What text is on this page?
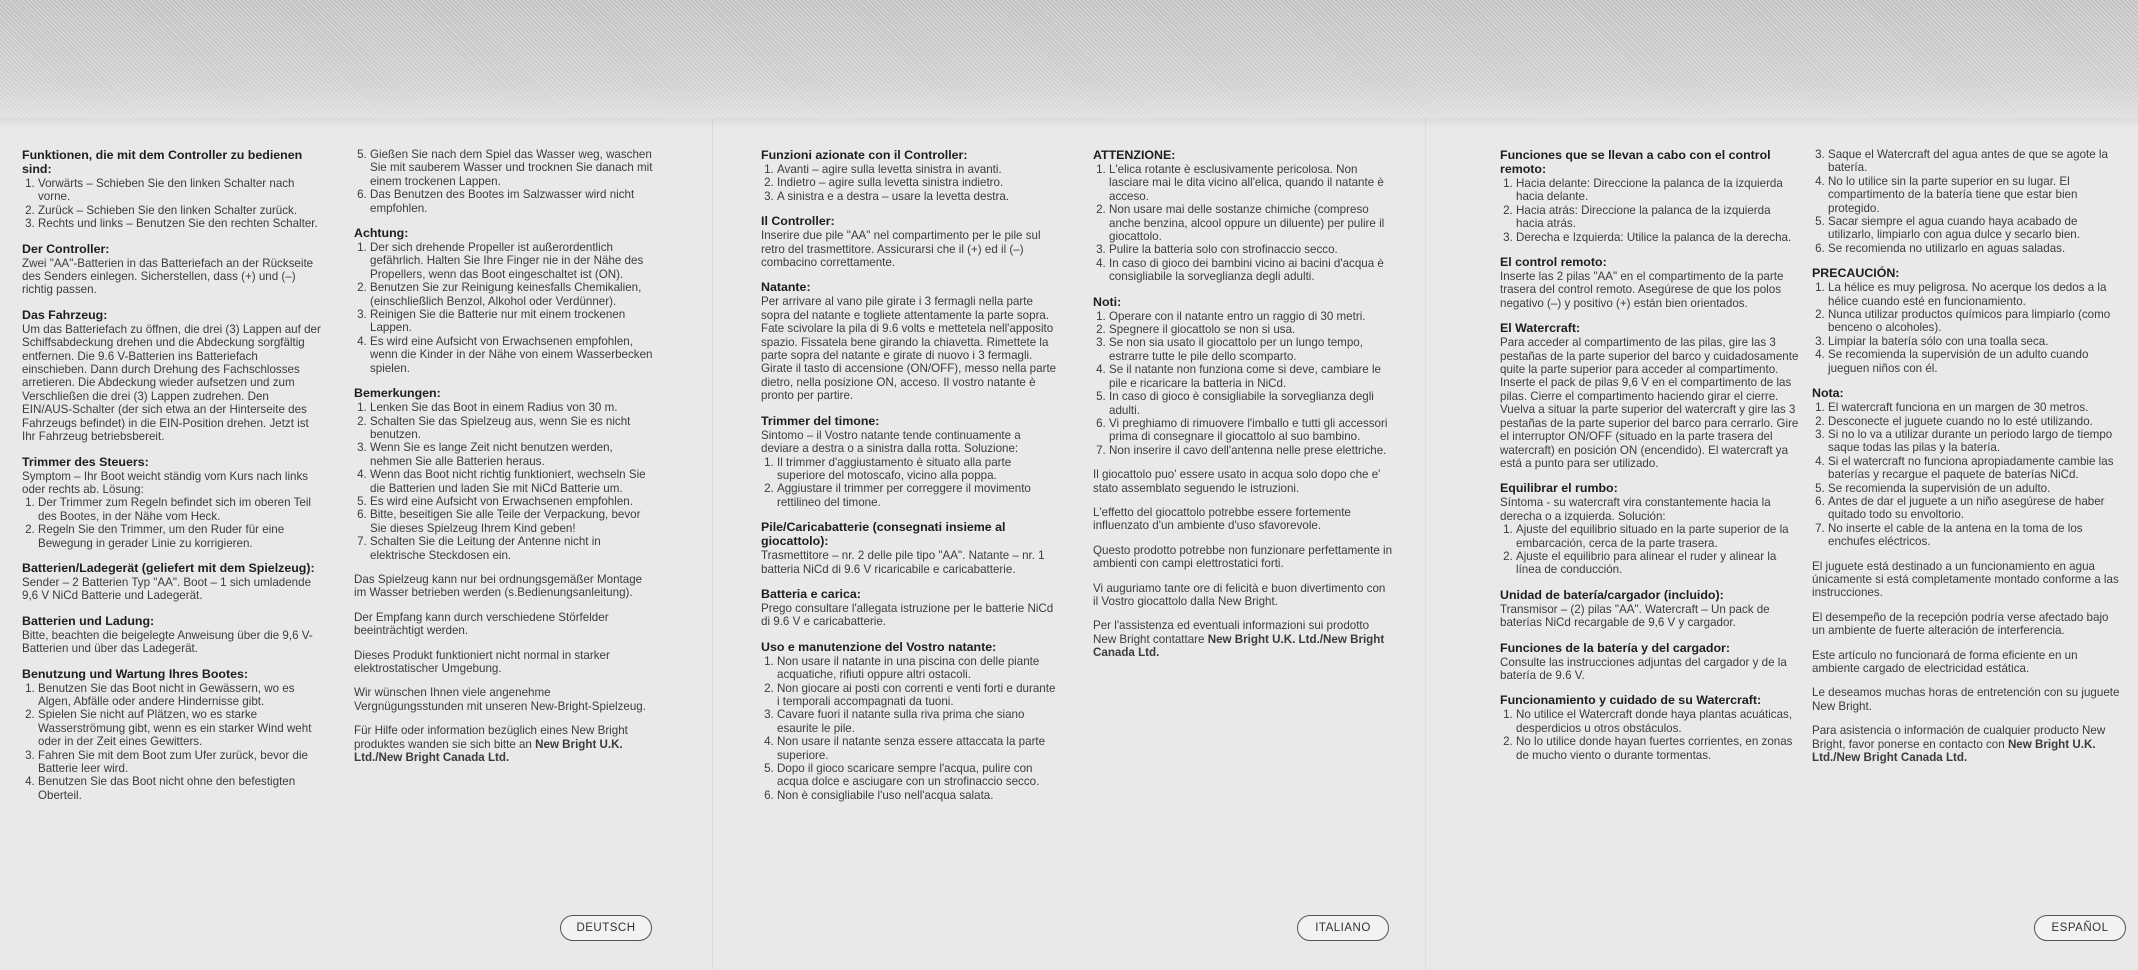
Funktionen, die mit dem Controller zu bedienen sind:
1. Vorwärts – Schieben Sie den linken Schalter nach vorne.
2. Zurück – Schieben Sie den linken Schalter zurück.
3. Rechts und links – Benutzen Sie den rechten Schalter.
Der Controller:

Zwei "AA"-Batterien in das Batteriefach an der Rückseite des Senders einlegen. Sicherstellen, dass (+) und (–) richtig passen.

Das Fahrzeug:

Um das Batteriefach zu öffnen, die drei (3) Lappen auf der Schiffsabdeckung drehen und die Abdeckung sorgfältig entfernen. Die 9.6 V-Batterien ins Batteriefach einschieben. Dann durch Drehung des Fachschlosses arretieren. Die Abdeckung wieder aufsetzen und zum Verschließen die drei (3) Lappen zudrehen. Den EIN/AUS-Schalter (der sich etwa an der Hinterseite des Fahrzeugs befindet) in die EIN-Position drehen. Jetzt ist Ihr Fahrzeug betriebsbereit.

Trimmer des Steuers:

Symptom – Ihr Boot weicht ständig vom Kurs nach links oder rechts ab. Lösung:

1. Der Trimmer zum Regeln befindet sich im oberen Teil des Bootes, in der Nähe vom Heck.
2. Regeln Sie den Trimmer, um den Ruder für eine Bewegung in gerader Linie zu korrigieren.
Batterien/Ladegerät (geliefert mit dem Spielzeug):

Sender – 2 Batterien Typ "AA". Boot – 1 sich umladende 9,6 V NiCd Batterie und Ladegerät.

Batterien und Ladung:

Bitte, beachten die beigelegte Anweisung über die 9,6 V-Batterien und über das Ladegerät.

Benutzung und Wartung Ihres Bootes:
1. Benutzen Sie das Boot nicht in Gewässern, wo es Algen, Abfälle oder andere Hindernisse gibt.
2. Spielen Sie nicht auf Plätzen, wo es starke Wasserströmung gibt, wenn es ein starker Wind weht oder in der Zeit eines Gewitters.
3. Fahren Sie mit dem Boot zum Ufer zurück, bevor die Batterie leer wird.
4. Benutzen Sie das Boot nicht ohne den befestigten Oberteil.
5. Gießen Sie nach dem Spiel das Wasser weg, waschen Sie mit sauberem Wasser und trocknen Sie danach mit einem trockenen Lappen.
6. Das Benutzen des Bootes im Salzwasser wird nicht empfohlen.
Achtung:
1. Der sich drehende Propeller ist außerordentlich gefährlich. Halten Sie Ihre Finger nie in der Nähe des Propellers, wenn das Boot eingeschaltet ist (ON).
2. Benutzen Sie zur Reinigung keinesfalls Chemikalien, (einschließlich Benzol, Alkohol oder Verdünner).
3. Reinigen Sie die Batterie nur mit einem trockenen Lappen.
4. Es wird eine Aufsicht von Erwachsenen empfohlen, wenn die Kinder in der Nähe von einem Wasserbecken spielen.
Bemerkungen:
1. Lenken Sie das Boot in einem Radius von 30 m.
2. Schalten Sie das Spielzeug aus, wenn Sie es nicht benutzen.
3. Wenn Sie es lange Zeit nicht benutzen werden, nehmen Sie alle Batterien heraus.
4. Wenn das Boot nicht richtig funktioniert, wechseln Sie die Batterien und laden Sie mit NiCd Batterie um.
5. Es wird eine Aufsicht von Erwachsenen empfohlen.
6. Bitte, beseitigen Sie alle Teile der Verpackung, bevor Sie dieses Spielzeug Ihrem Kind geben!
7. Schalten Sie die Leitung der Antenne nicht in elektrische Steckdosen ein.

Das Spielzeug kann nur bei ordnungsgemäßer Montage im Wasser betrieben werden (s.Bedienungsanleitung).

Der Empfang kann durch verschiedene Störfelder beeinträchtigt werden.

Dieses Produkt funktioniert nicht normal in starker elektrostatischer Umgebung.

Wir wünschen Ihnen viele angenehme Vergnügungsstunden mit unseren New-Bright-Spielzeug.

Für Hilfe oder information bezüglich eines New Bright produktes wanden sie sich bitte an New Bright U.K. Ltd./New Bright Canada Ltd.

DEUTSCH
Funzioni azionate con il Controller:
1. Avanti – agire sulla levetta sinistra in avanti.
2. Indietro – agire sulla levetta sinistra indietro.
3. A sinistra e a destra – usare la levetta destra.
Il Controller:

Inserire due pile "AA" nel compartimento per le pile sul retro del trasmettitore. Assicurarsi che il (+) ed il (–) combacino correttamente.

Natante:

Per arrivare al vano pile girate i 3 fermagli nella parte sopra del natante e togliete attentamente la parte sopra. Fate scivolare la pila di 9.6 volts e mettetela nell'apposito spazio. Fissatela bene girando la chiavetta. Rimettete la parte sopra del natante e girate di nuovo i 3 fermagli. Girate il tasto di accensione (ON/OFF), messo nella parte dietro, nella posizione ON, acceso. Il vostro natante è pronto per partire.

Trimmer del timone:

Sintomo – il Vostro natante tende continuamente a deviare a destra o a sinistra dalla rotta. Soluzione:

1. Il trimmer d'aggiustamento è situato alla parte superiore del motoscafo, vicino alla poppa.
2. Aggiustare il trimmer per correggere il movimento rettilineo del timone.
Pile/Caricabatterie (consegnati insieme al giocattolo):

Trasmettitore – nr. 2 delle pile tipo "AA". Natante – nr. 1 batteria NiCd di 9.6 V ricaricabile e caricabatterie.

Batteria e carica:

Prego consultare l'allegata istruzione per le batterie NiCd di 9.6 V e caricabatterie.

Uso e manutenzione del Vostro natante:
1. Non usare il natante in una piscina con delle piante acquatiche, rifiuti oppure altri ostacoli.
2. Non giocare ai posti con correnti e venti forti e durante i temporali accompagnati da tuoni.
3. Cavare fuori il natante sulla riva prima che siano esaurite le pile.
4. Non usare il natante senza essere attaccata la parte superiore.
5. Dopo il gioco scaricare sempre l'acqua, pulire con acqua dolce e asciugare con un strofinaccio secco.
6. Non è consigliabile l'uso nell'acqua salata.
ATTENZIONE:
1. L'elica rotante è esclusivamente pericolosa. Non lasciare mai le dita vicino all'elica, quando il natante è acceso.
2. Non usare mai delle sostanze chimiche (compreso anche benzina, alcool oppure un diluente) per pulire il giocattolo.
3. Pulire la batteria solo con strofinaccio secco.
4. In caso di gioco dei bambini vicino ai bacini d'acqua è consigliabile la sorveglianza degli adulti.
Noti:
1. Operare con il natante entro un raggio di 30 metri.
2. Spegnere il giocattolo se non si usa.
3. Se non sia usato il giocattolo per un lungo tempo, estrarre tutte le pile dello scomparto.
4. Se il natante non funziona come si deve, cambiare le pile e ricaricare la batteria in NiCd.
5. In caso di gioco è consigliabile la sorveglianza degli adulti.
6. Vi preghiamo di rimuovere l'imballo e tutti gli accessori prima di consegnare il giocattolo al suo bambino.
7. Non inserire il cavo dell'antenna nelle prese elettriche.

Il giocattolo puo' essere usato in acqua solo dopo che e' stato assemblato seguendo le istruzioni.

L'effetto del giocattolo potrebbe essere fortemente influenzato d'un ambiente d'uso sfavorevole.

Questo prodotto potrebbe non funzionare perfettamente in ambienti con campi elettrostatici forti.

Vi auguriamo tante ore di felicità e buon divertimento con il Vostro giocattolo dalla New Bright.

Per l'assistenza ed eventuali informazioni sui prodotto New Bright contattare New Bright U.K. Ltd./New Bright Canada Ltd.

ITALIANO
Funciones que se llevan a cabo con el control remoto:
1. Hacia delante: Direccione la palanca de la izquierda hacia delante.
2. Hacia atrás: Direccione la palanca de la izquierda hacia atrás.
3. Derecha e Izquierda: Utilice la palanca de la derecha.
El control remoto:

Inserte las 2 pilas "AA" en el compartimento de la parte trasera del control remoto. Asegúrese de que los polos negativo (–) y positivo (+) están bien orientados.

El Watercraft:

Para acceder al compartimento de las pilas, gire las 3 pestañas de la parte superior del barco y cuidadosamente quite la parte superior para acceder al compartimento. Inserte el pack de pilas 9,6 V en el compartimento de las pilas. Cierre el compartimento haciendo girar el cierre. Vuelva a situar la parte superior del watercraft y gire las 3 pestañas de la parte superior del barco para cerrarlo. Gire el interruptor ON/OFF (situado en la parte trasera del watercraft) en posición ON (encendido). El watercraft ya está a punto para ser utilizado.

Equilibrar el rumbo:

Síntoma - su watercraft vira constantemente hacia la derecha o a izquierda. Solución:

1. Ajuste del equilibrio situado en la parte superior de la embarcación, cerca de la parte trasera.
2. Ajuste el equilibrio para alinear el ruder y alinear la línea de conducción.
Unidad de batería/cargador (incluido):

Transmisor – (2) pilas "AA". Watercraft – Un pack de baterías NiCd recargable de 9,6 V y cargador.

Funciones de la batería y del cargador:

Consulte las instrucciones adjuntas del cargador y de la batería de 9.6 V.

Funcionamiento y cuidado de su Watercraft:
1. No utilice el Watercraft donde haya plantas acuáticas, desperdicios u otros obstáculos.
2. No lo utilice donde hayan fuertes corrientes, en zonas de mucho viento o durante tormentas.
3. Saque el Watercraft del agua antes de que se agote la batería.
4. No lo utilice sin la parte superior en su lugar. El compartimento de la batería tiene que estar bien protegido.
5. Sacar siempre el agua cuando haya acabado de utilizarlo, limpiarlo con agua dulce y secarlo bien.
6. Se recomienda no utilizarlo en aguas saladas.
PRECAUCIÓN:
1. La hélice es muy peligrosa. No acerque los dedos a la hélice cuando esté en funcionamiento.
2. Nunca utilizar productos químicos para limpiarlo (como benceno o alcoholes).
3. Limpiar la batería sólo con una toalla seca.
4. Se recomienda la supervisión de un adulto cuando jueguen niños con él.
Nota:
1. El watercraft funciona en un margen de 30 metros.
2. Desconecte el juguete cuando no lo esté utilizando.
3. Si no lo va a utilizar durante un periodo largo de tiempo saque todas las pilas y la batería.
4. Si el watercraft no funciona apropiadamente cambie las baterías y recargue el paquete de baterías NiCd.
5. Se recomienda la supervisión de un adulto.
6. Antes de dar el juguete a un niño asegúrese de haber quitado todo su envoltorio.
7. No inserte el cable de la antena en la toma de los enchufes eléctricos.

El juguete está destinado a un funcionamiento en agua únicamente si está completamente montado conforme a las instrucciones.

El desempeño de la recepción podría verse afectado bajo un ambiente de fuerte alteración de interferencia.

Este artículo no funcionará de forma eficiente en un ambiente cargado de electricidad estática.

Le deseamos muchas horas de entretención con su juguete New Bright.

Para asistencia o información de cualquier producto New Bright, favor ponerse en contacto con New Bright U.K. Ltd./New Bright Canada Ltd.

ESPAÑOL
